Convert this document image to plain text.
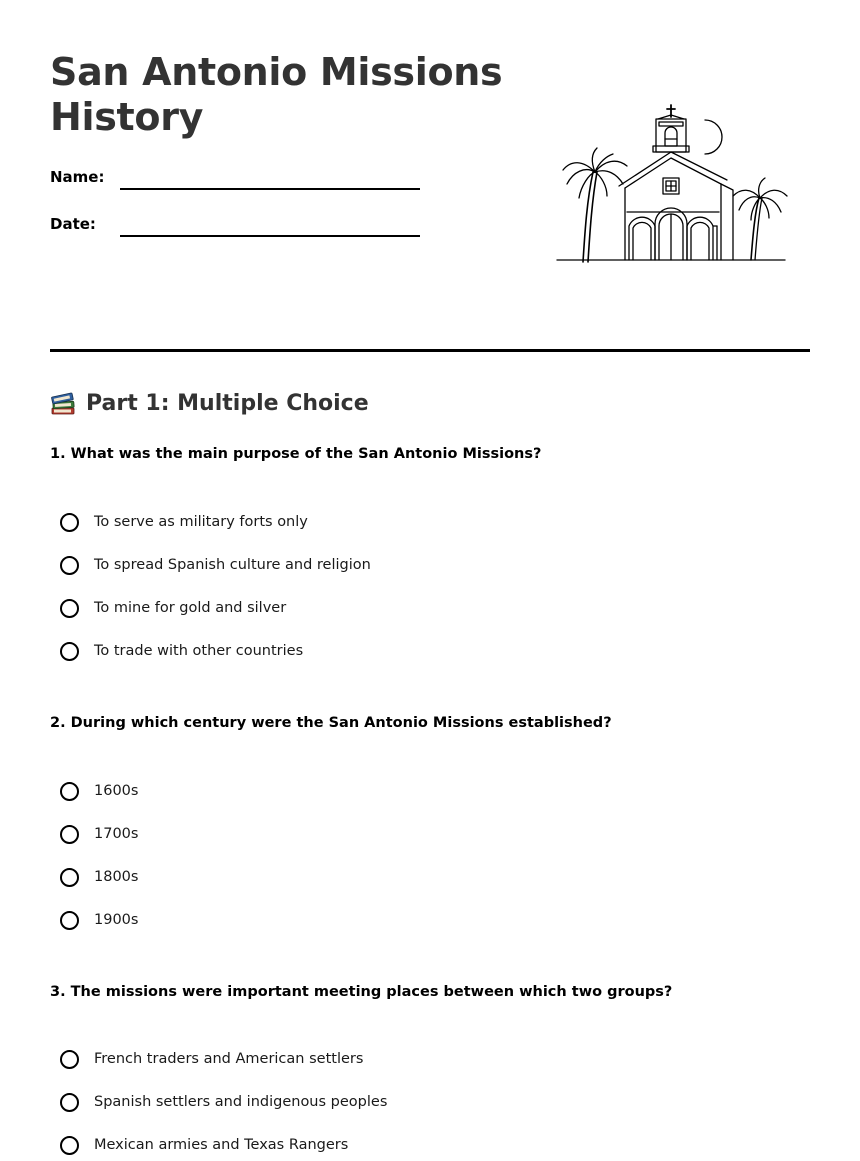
San Antonio Missions
History
Name:
Date:
Part 1: Multiple Choice
1. What was the main purpose of the San Antonio Missions?
To serve as military forts only
To spread Spanish culture and religion
To mine for gold and silver
To trade with other countries
2. During which century were the San Antonio Missions established?
1600s
1700s
1800s
1900s
3. The missions were important meeting places between which two groups?
French traders and American settlers
Spanish settlers and indigenous peoples
Mexican armies and Texas Rangers
